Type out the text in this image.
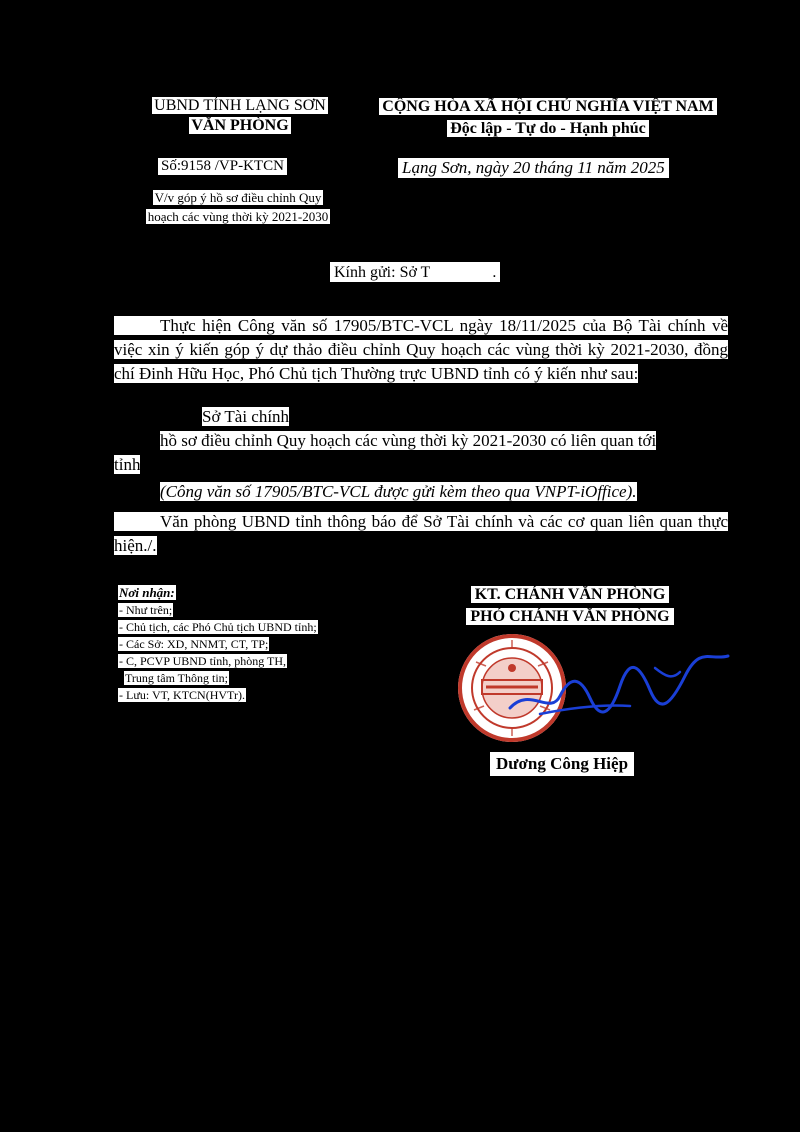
UBND TỈNH LẠNG SƠN
VĂN PHÒNG
CỘNG HÒA XÃ HỘI CHỦ NGHĨA VIỆT NAM
Độc lập - Tự do - Hạnh phúc
Số:9158 /VP-KTCN	Lạng Sơn, ngày 20 tháng 11 năm 2025
V/v góp ý hồ sơ điều chỉnh Quy
hoạch các vùng thời kỳ 2021-2030
Kính gửi: Sở T	.
Thực hiện Công văn số 17905/BTC-VCL ngày 18/11/2025 của Bộ Tài chính về việc xin ý kiến góp ý dự thảo điều chỉnh Quy hoạch các vùng thời kỳ 2021-2030, đồng chí Đinh Hữu Học, Phó Chủ tịch Thường trực UBND tỉnh có ý kiến như sau:
Sở Tài chính
hồ sơ điều chỉnh Quy hoạch các vùng thời kỳ 2021-2030 có liên quan tới
tỉnh
(Công văn số 17905/BTC-VCL được gửi kèm theo qua VNPT-iOffice).
Văn phòng UBND tỉnh thông báo để Sở Tài chính và các cơ quan liên quan thực hiện./.
Nơi nhận:
- Như trên;
- Chủ tịch, các Phó Chủ tịch UBND tỉnh;
- Các Sở: XD, NNMT, CT, TP;
- C, PCVP UBND tỉnh, phòng TH,
Trung tâm Thông tin;
- Lưu: VT, KTCN(HVTr).
KT. CHÁNH VĂN PHÒNG
PHÓ CHÁNH VĂN PHÒNG
Dương Công Hiệp
